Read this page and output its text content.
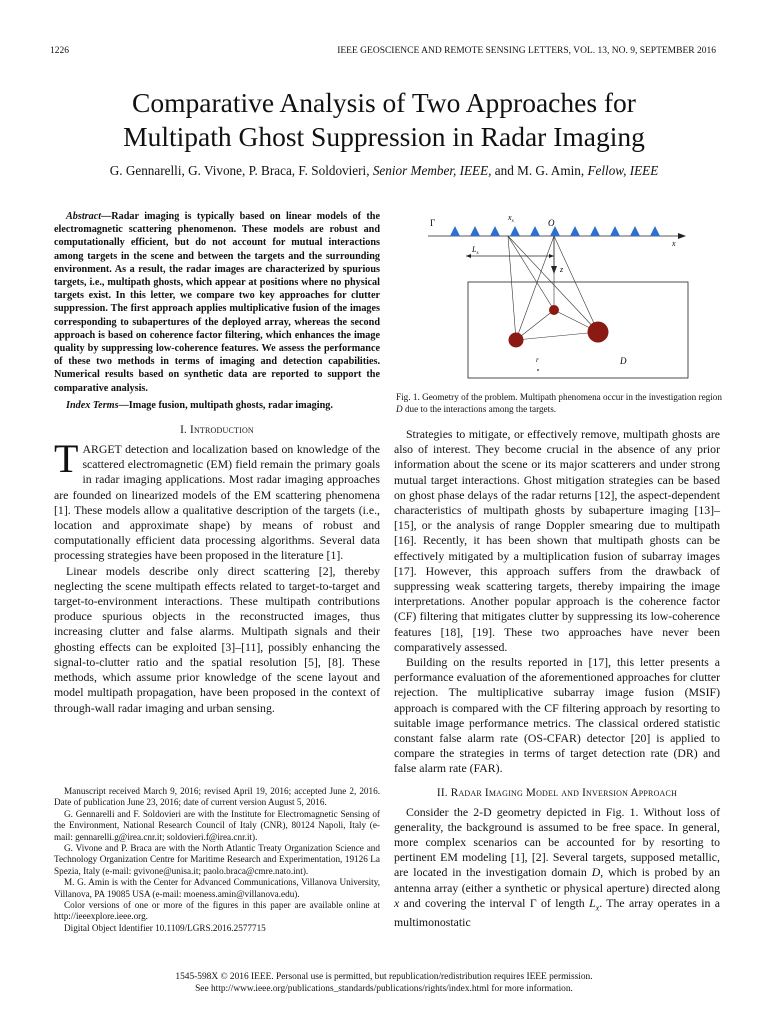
1226	IEEE GEOSCIENCE AND REMOTE SENSING LETTERS, VOL. 13, NO. 9, SEPTEMBER 2016
Comparative Analysis of Two Approaches for
Multipath Ghost Suppression in Radar Imaging
G. Gennarelli, G. Vivone, P. Braca, F. Soldovieri, Senior Member, IEEE, and M. G. Amin, Fellow, IEEE

Abstract—Radar imaging is typically based on linear models of the electromagnetic scattering phenomenon. These models are robust and computationally efficient, but do not account for mutual interactions among targets in the scene and between the targets and the surrounding environment. As a result, the radar images are characterized by spurious targets, i.e., multipath ghosts, which appear at positions where no physical targets exist. In this letter, we compare two key approaches for clutter suppression. The first approach applies multiplicative fusion of the images corresponding to subapertures of the deployed array, whereas the second approach is based on coherence factor filtering, which enhances the image quality by suppressing low-coherence features. We assess the performance of these two methods in terms of imaging and detection capabilities. Numerical results based on synthetic data are reported to support the comparative analysis.

Index Terms—Image fusion, multipath ghosts, radar imaging.

I. Introduction

TARGET detection and localization based on knowledge of the scattered electromagnetic (EM) field remain the primary goals in radar imaging applications. Most radar imaging approaches are founded on linearized models of the EM scattering phenomena [1]. These models allow a qualitative description of the targets (i.e., location and approximate shape) by means of robust and computationally efficient data processing algorithms. Several data processing strategies have been proposed in the literature [1].

Linear models describe only direct scattering [2], thereby neglecting the scene multipath effects related to target-to-target and target-to-environment interactions. These multipath contributions produce spurious objects in the reconstructed images, thus increasing clutter and false alarms. Multipath signals and their ghosting effects can be exploited [3]–[11], possibly enhancing the signal-to-clutter ratio and the spatial resolution [5], [8]. These methods, which assume prior knowledge of the scene layout and model multipath propagation, have been proposed in the context of through-wall radar imaging and urban sensing.

Manuscript received March 9, 2016; revised April 19, 2016; accepted June 2, 2016. Date of publication June 23, 2016; date of current version August 5, 2016.

G. Gennarelli and F. Soldovieri are with the Institute for Electromagnetic Sensing of the Environment, National Research Council of Italy (CNR), 80124 Napoli, Italy (e-mail: gennarelli.g@irea.cnr.it; soldovieri.f@irea.cnr.it).

G. Vivone and P. Braca are with the North Atlantic Treaty Organization Science and Technology Organization Centre for Maritime Research and Experimentation, 19126 La Spezia, Italy (e-mail: gvivone@unisa.it; paolo.braca@cmre.nato.int).

M. G. Amin is with the Center for Advanced Communications, Villanova University, Villanova, PA 19085 USA (e-mail: moeness.amin@villanova.edu).

Color versions of one or more of the figures in this paper are available online at http://ieeexplore.ieee.org.

Digital Object Identifier 10.1109/LGRS.2016.2577715

Γ
$x_s$	O
x
$L_s$
z
r	D
Fig. 1. Geometry of the problem. Multipath phenomena occur in the investigation region D due to the interactions among the targets.

Strategies to mitigate, or effectively remove, multipath ghosts are also of interest. They become crucial in the absence of any prior information about the scene or its major scatterers and under strong mutual target interactions. Ghost mitigation strategies can be based on ghost phase delays of the radar returns [12], the aspect-dependent characteristics of multipath ghosts by subaperture imaging [13]–[15], or the analysis of range Doppler smearing due to multipath [16]. Recently, it has been shown that multipath ghosts can be effectively mitigated by a multiplication fusion of subarray images [17]. However, this approach suffers from the drawback of suppressing weak scattering targets, thereby impairing the image interpretations. Another popular approach is the coherence factor (CF) filtering that mitigates clutter by suppressing its low-coherence features [18], [19]. These two approaches have never been comparatively assessed.

Building on the results reported in [17], this letter presents a performance evaluation of the aforementioned approaches for clutter rejection. The multiplicative subarray image fusion (MSIF) approach is compared with the CF filtering approach by resorting to suitable image performance metrics. The classical ordered statistic constant false alarm rate (OS-CFAR) detector [20] is applied to compare the strategies in terms of target detection rate (DR) and false alarm rate (FAR).

II. Radar Imaging Model and Inversion Approach

Consider the 2-D geometry depicted in Fig. 1. Without loss of generality, the background is assumed to be free space. In general, more complex scenarios can be accounted for by resorting to pertinent EM modeling [1], [2]. Several targets, supposed metallic, are located in the investigation domain D, which is probed by an antenna array (either a synthetic or physical aperture) directed along x and covering the interval Γ of length $L_x$. The array operates in a multimonostatic

1545-598X © 2016 IEEE. Personal use is permitted, but republication/redistribution requires IEEE permission.
See http://www.ieee.org/publications_standards/publications/rights/index.html for more information.
